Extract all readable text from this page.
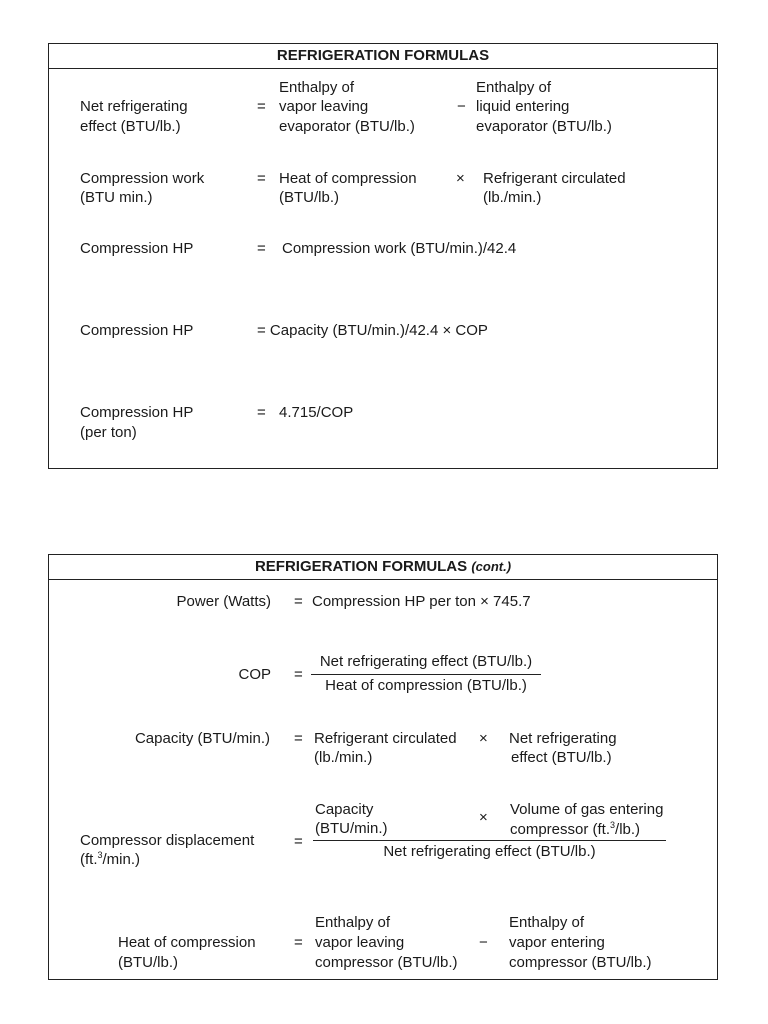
REFRIGERATION FORMULAS
Net refrigerating
effect (BTU/lb.)
=
Enthalpy of
vapor leaving
evaporator (BTU/lb.)
−
Enthalpy of
liquid entering
evaporator (BTU/lb.)
Compression work
(BTU min.)
= Heat of compression
(BTU/lb.)
× Refrigerant circulated
(lb./min.)
Compression HP	= Compression work (BTU/min.)/42.4
Compression HP	= Capacity (BTU/min.)/42.4 × COP
Compression HP
(per ton)
= 4.715/COP
REFRIGERATION FORMULAS (cont.)
Power (Watts) = Compression HP per ton × 745.7
COP =
Net refrigerating effect (BTU/lb.)
Heat of compression (BTU/lb.)
Capacity (BTU/min.) = Refrigerant circulated
(lb./min.)
× Net refrigerating
effect (BTU/lb.)
Compressor displacement
(ft.$^3$/min.)
=
Capacity
(BTU/min.)
× Volume of gas entering
compressor (ft.$^3$/lb.)
Net refrigerating effect (BTU/lb.)
Heat of compression
(BTU/lb.)
=
Enthalpy of
vapor leaving
compressor (BTU/lb.)
−
Enthalpy of
vapor entering
compressor (BTU/lb.)
